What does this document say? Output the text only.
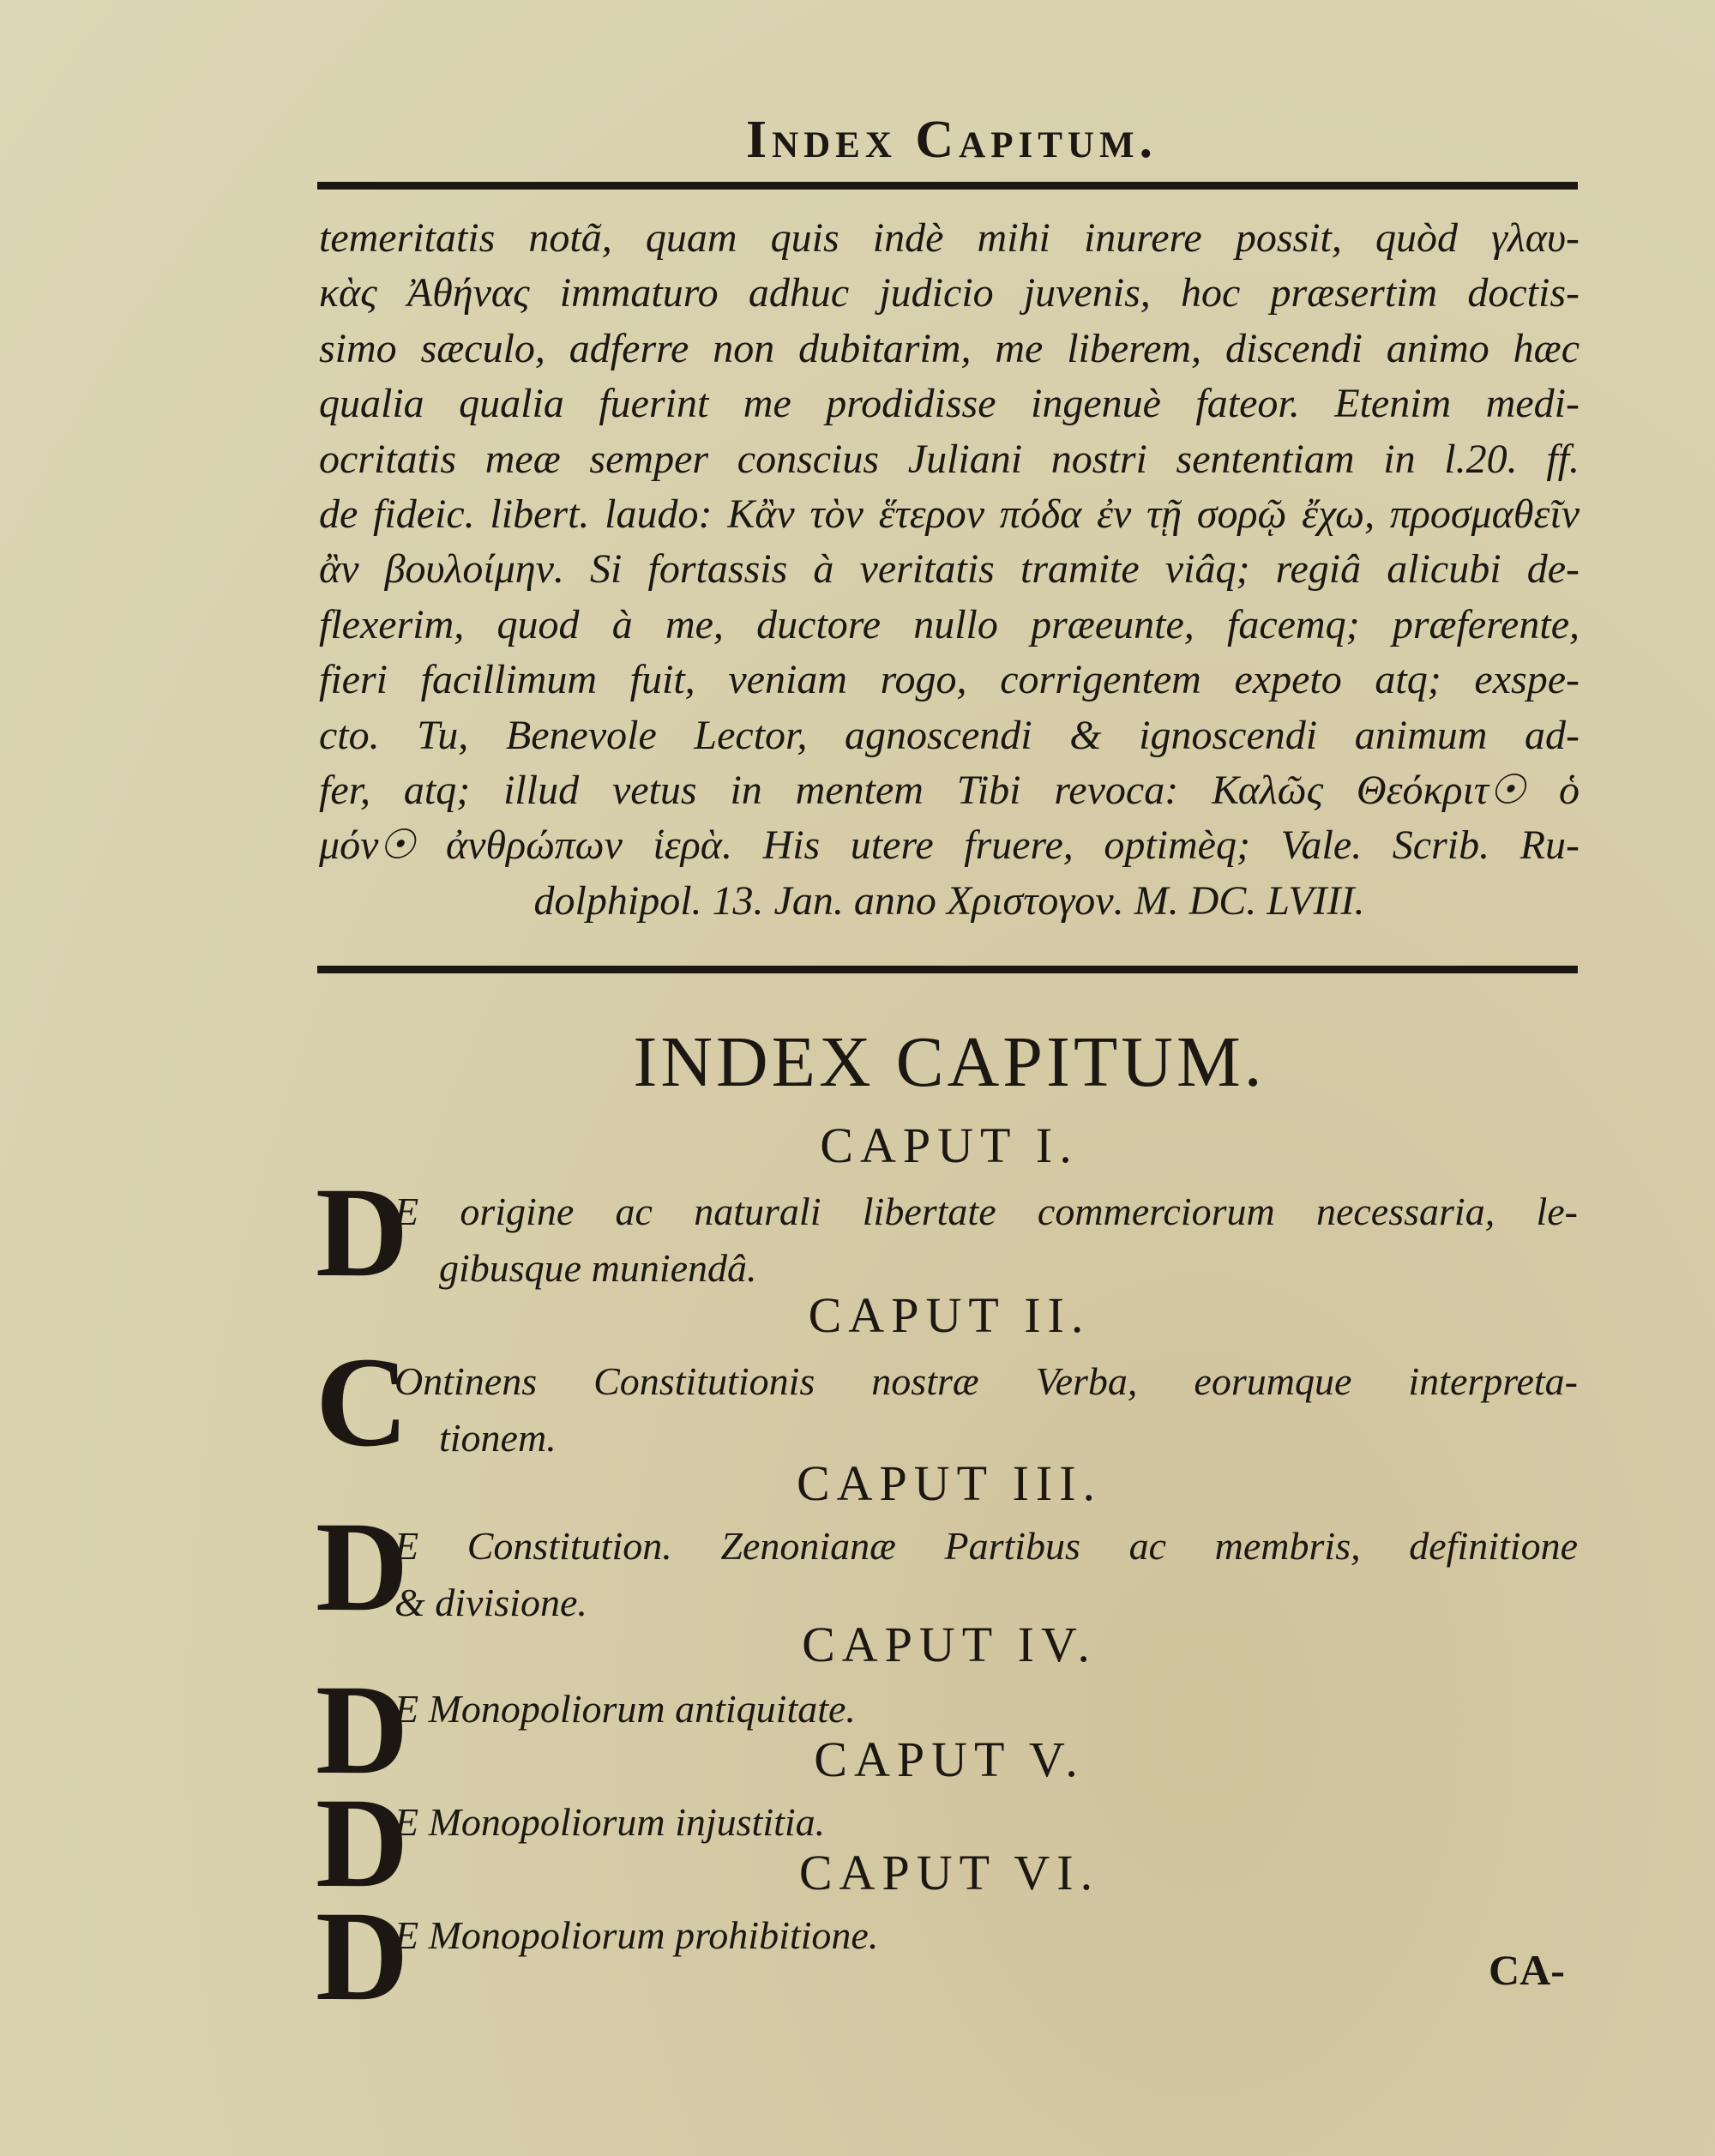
Index Capitum.
temeritatis notã, quam quis indè mihi inurere possit, quòd γλαυ-
κὰς Ἀθήνας immaturo adhuc judicio juvenis, hoc præsertim doctis-
simo sæculo, adferre non dubitarim, me liberem, discendi animo hæc
qualia qualia fuerint me prodidisse ingenuè fateor. Etenim medi-
ocritatis meæ semper conscius Juliani nostri sententiam in l.20. ff.
de fideic. libert. laudo: Κἂν τὸν ἕτερον πόδα ἐν τῇ σορῷ ἔχω, προσμαθεῖν
ἂν βουλοίμην. Si fortassis à veritatis tramite viâq; regiâ alicubi de-
flexerim, quod à me, ductore nullo præeunte, facemq; præferente,
fieri facillimum fuit, veniam rogo, corrigentem expeto atq; exspe-
cto. Tu, Benevole Lector, agnoscendi & ignoscendi animum ad-
fer, atq; illud vetus in mentem Tibi revoca: Καλῶς Θεόκριτ☉ ὁ
μόν☉ ἀνθρώπων ἱερὰ. His utere fruere, optimèq; Vale. Scrib. Ru-
dolphipol. 13. Jan. anno Χριστογον. M. DC. LVIII.
INDEX CAPITUM.
CAPUT I.
D
E origine ac naturali libertate commerciorum necessaria, le-
gibusque muniendâ.
CAPUT II.
C
Ontinens Constitutionis nostræ Verba, eorumque interpreta-
tionem.
CAPUT III.
D
E Constitution. Zenonianæ Partibus ac membris, definitione
& divisione.
CAPUT IV.
D
E Monopoliorum antiquitate.
CAPUT V.
D
E Monopoliorum injustitia.
CAPUT VI.
D
E Monopoliorum prohibitione.
CA-
